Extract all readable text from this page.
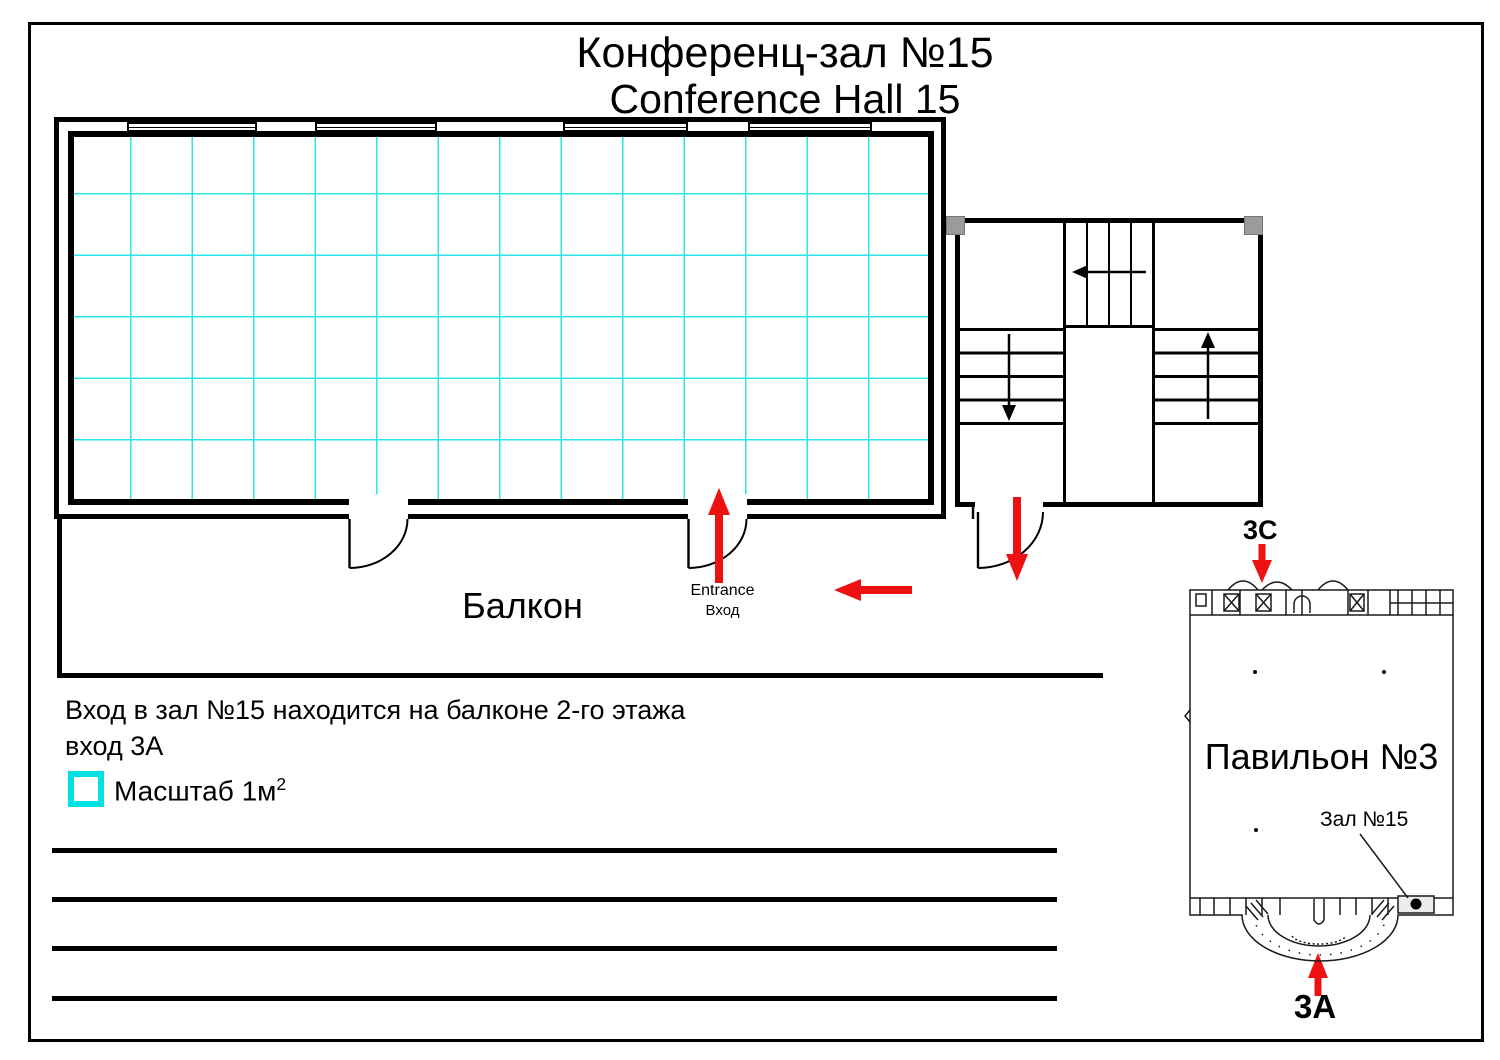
Конференц-зал №15
Conference Hall 15
Балкон	Entrance
Вход
Вход в зал №15 находится на балконе 2-го этажа
вход 3А
Масштаб $1м^2$
Павильон №3
Зал №15
3C
3A
